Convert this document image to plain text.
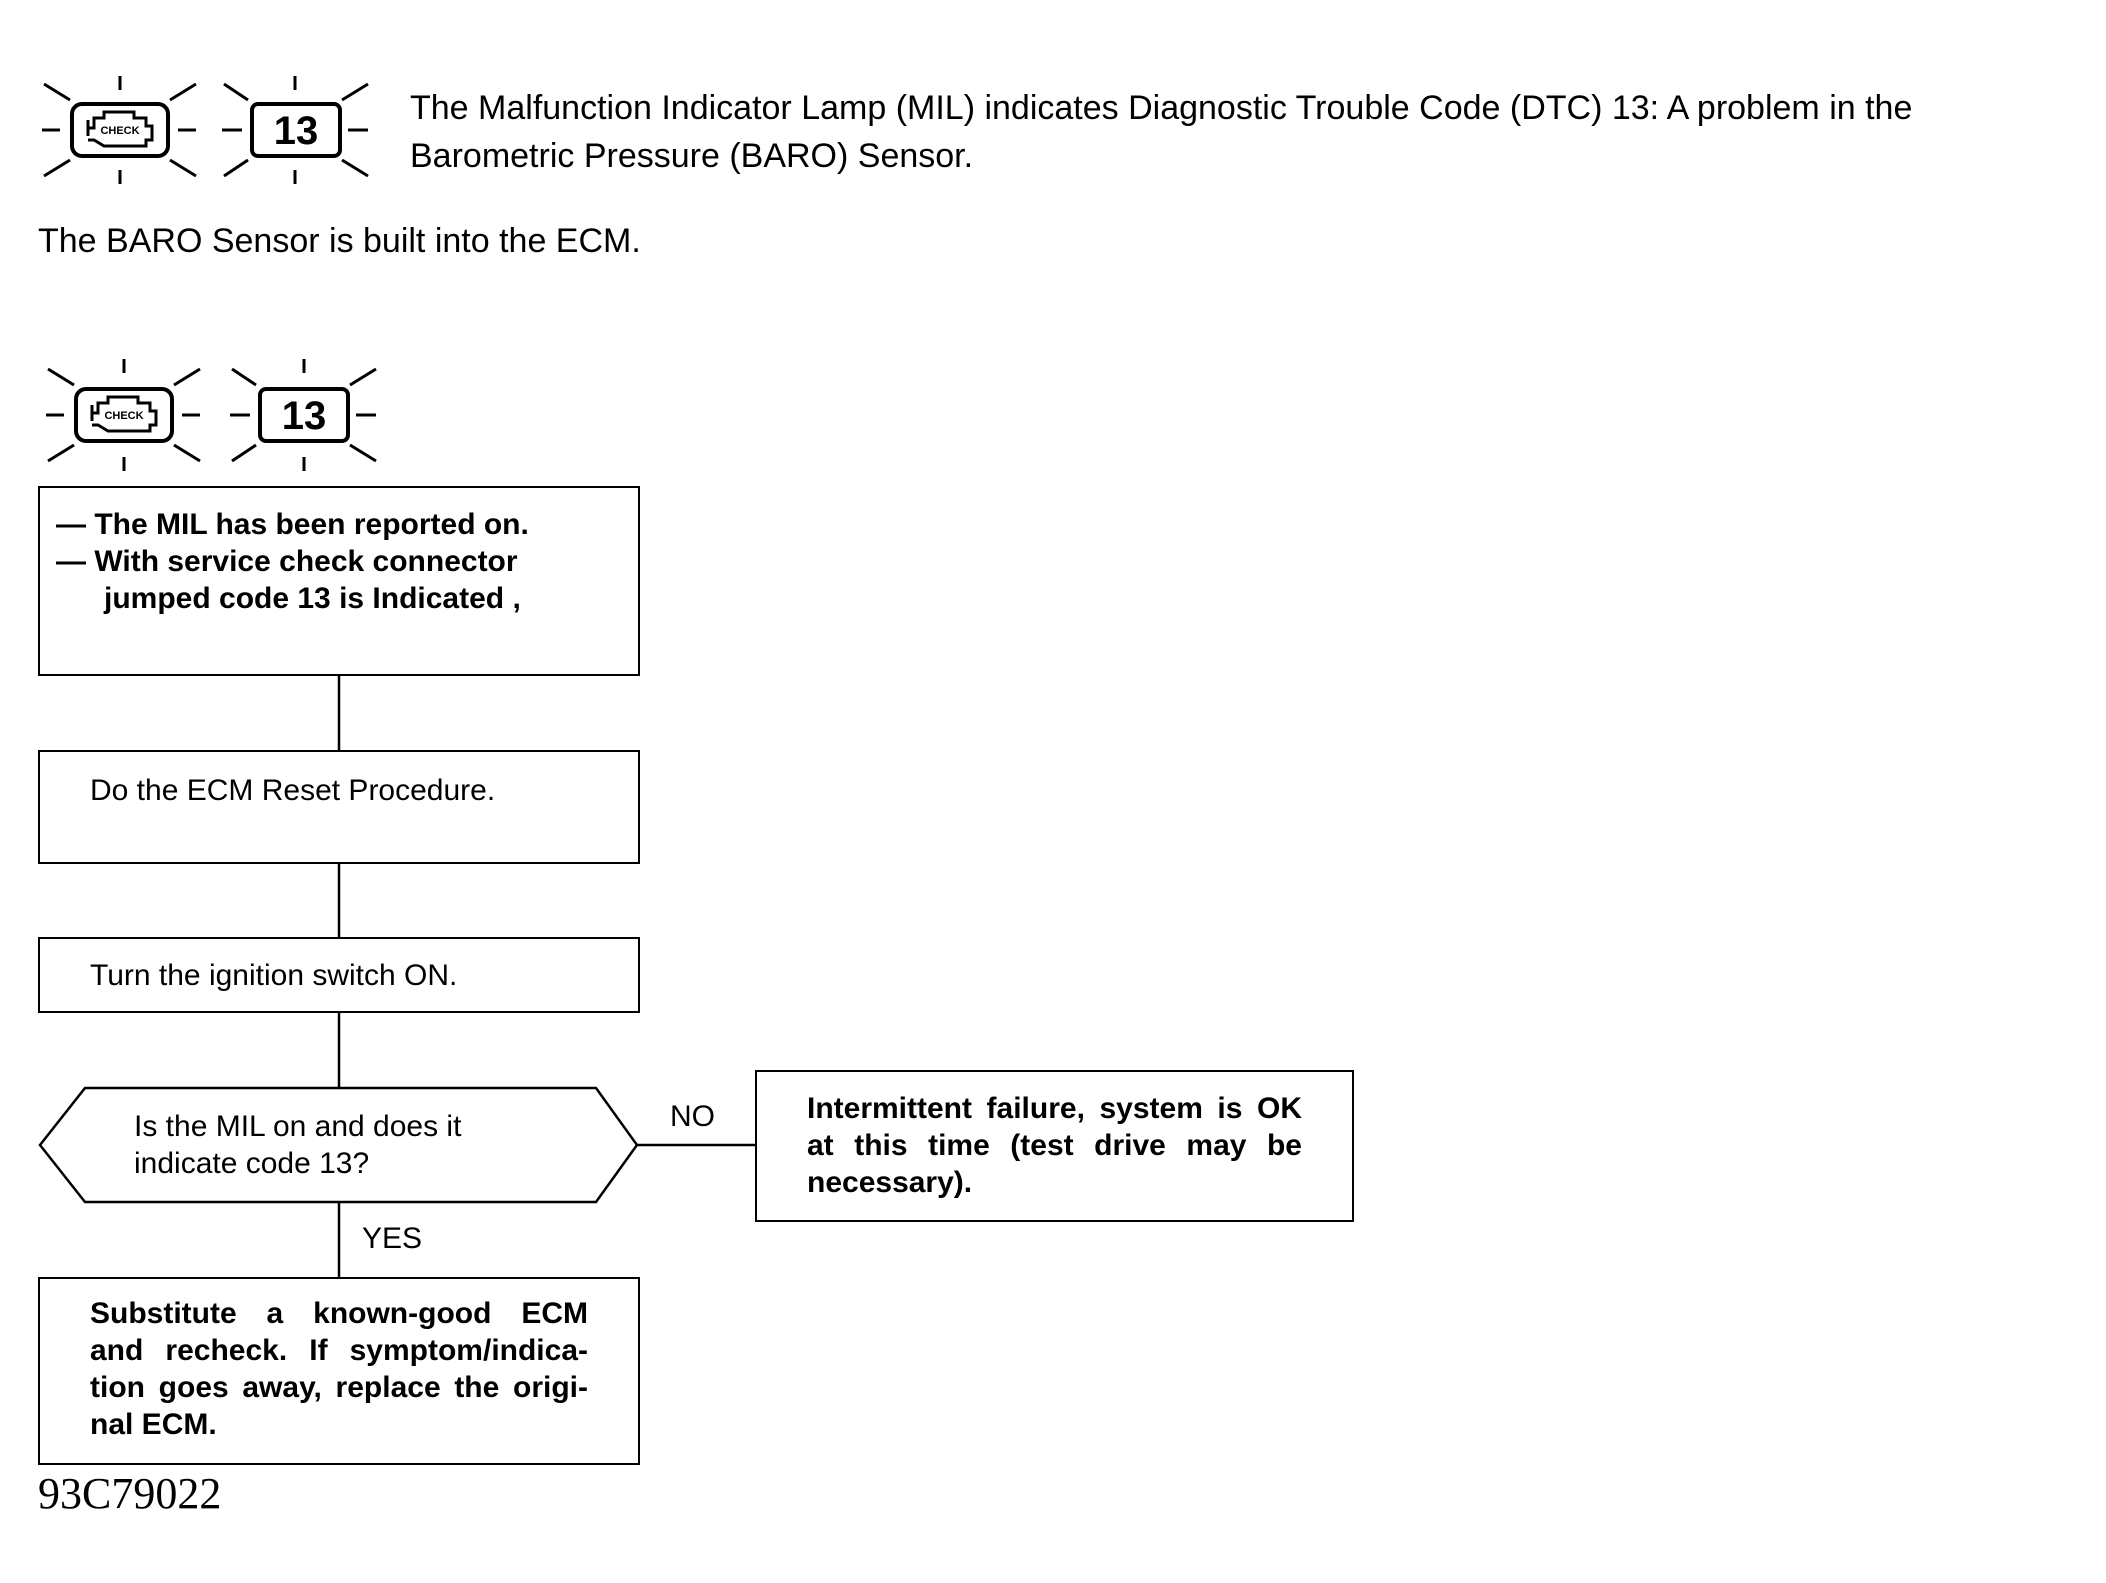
CHECK	13
The Malfunction Indicator Lamp (MIL) indicates Diagnostic Trouble Code (DTC) 13: A problem in the
Barometric Pressure (BARO) Sensor.
The BARO Sensor is built into the ECM.
CHECK	13
— The MIL has been reported on.
— With service check connector
jumped code 13 is Indicated ,
Do the ECM Reset Procedure.
Turn the ignition switch ON.
Is the MIL on and does it
indicate code 13?
NO
YES
Intermittent failure, system is OK
at this time (test drive may be
necessary).
Substitute a known-good ECM
and recheck. If symptom/indica-
tion goes away, replace the origi-
nal ECM.
93C79022
